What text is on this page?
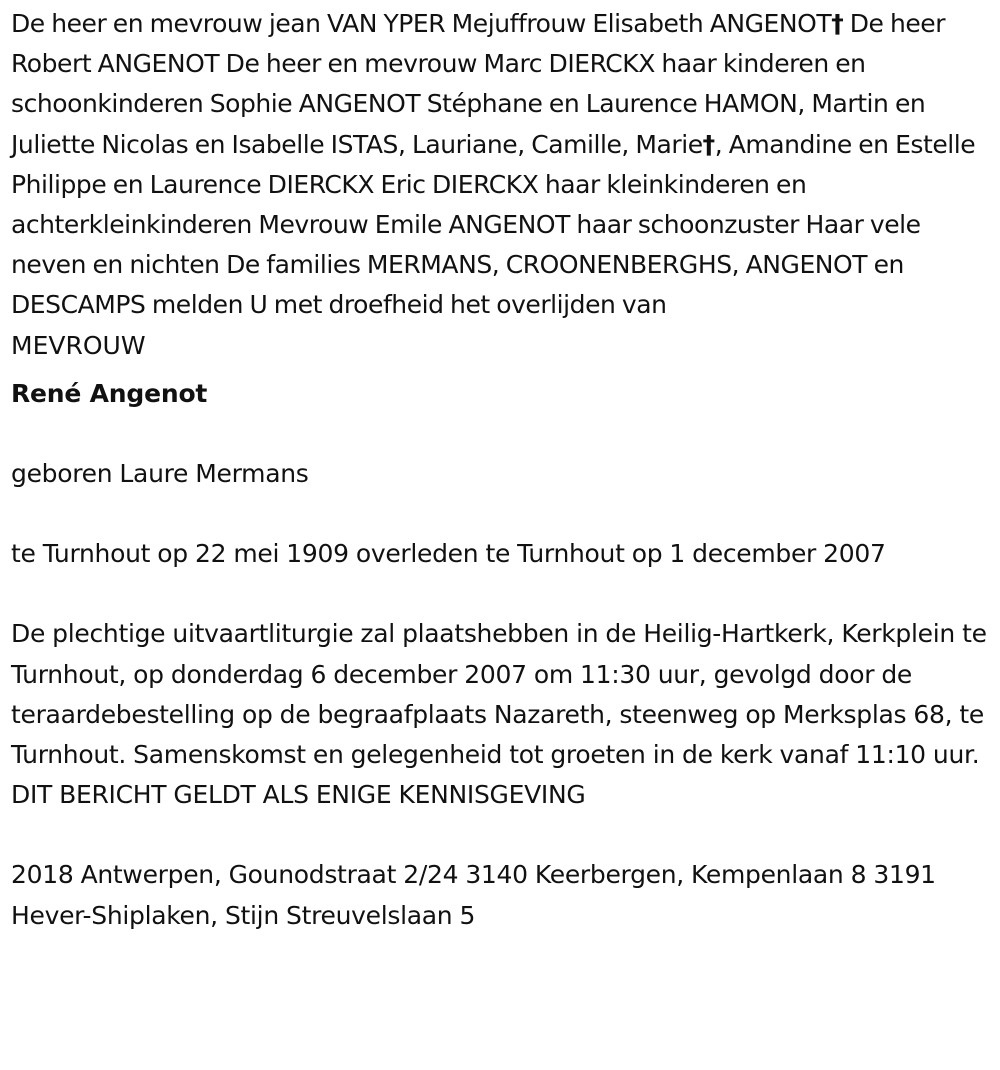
De heer en mevrouw jean VAN YPER Mejuffrouw Elisabeth ANGENOT† De heer Robert ANGENOT De heer en mevrouw Marc DIERCKX haar kinderen en schoonkinderen Sophie ANGENOT Stéphane en Laurence HAMON, Martin en Juliette Nicolas en Isabelle ISTAS, Lauriane, Camille, Marie†, Amandine en Estelle Philippe en Laurence DIERCKX Eric DIERCKX haar kleinkinderen en achterkleinkinderen Mevrouw Emile ANGENOT haar schoonzuster Haar vele neven en nichten De families MERMANS, CROONENBERGHS, ANGENOT en DESCAMPS melden U met droefheid het overlijden van

MEVROUW

René Angenot

geboren Laure Mermans

te Turnhout op 22 mei 1909 overleden te Turnhout op 1 december 2007

De plechtige uitvaartliturgie zal plaatshebben in de Heilig-Hartkerk, Kerkplein te Turnhout, op donderdag 6 december 2007 om 11:30 uur, gevolgd door de teraardebestelling op de begraafplaats Nazareth, steenweg op Merksplas 68, te Turnhout. Samenskomst en gelegenheid tot groeten in de kerk vanaf 11:10 uur. DIT BERICHT GELDT ALS ENIGE KENNISGEVING

2018 Antwerpen, Gounodstraat 2/24 3140 Keerbergen, Kempenlaan 8 3191 Hever-Shiplaken, Stijn Streuvelslaan 5
